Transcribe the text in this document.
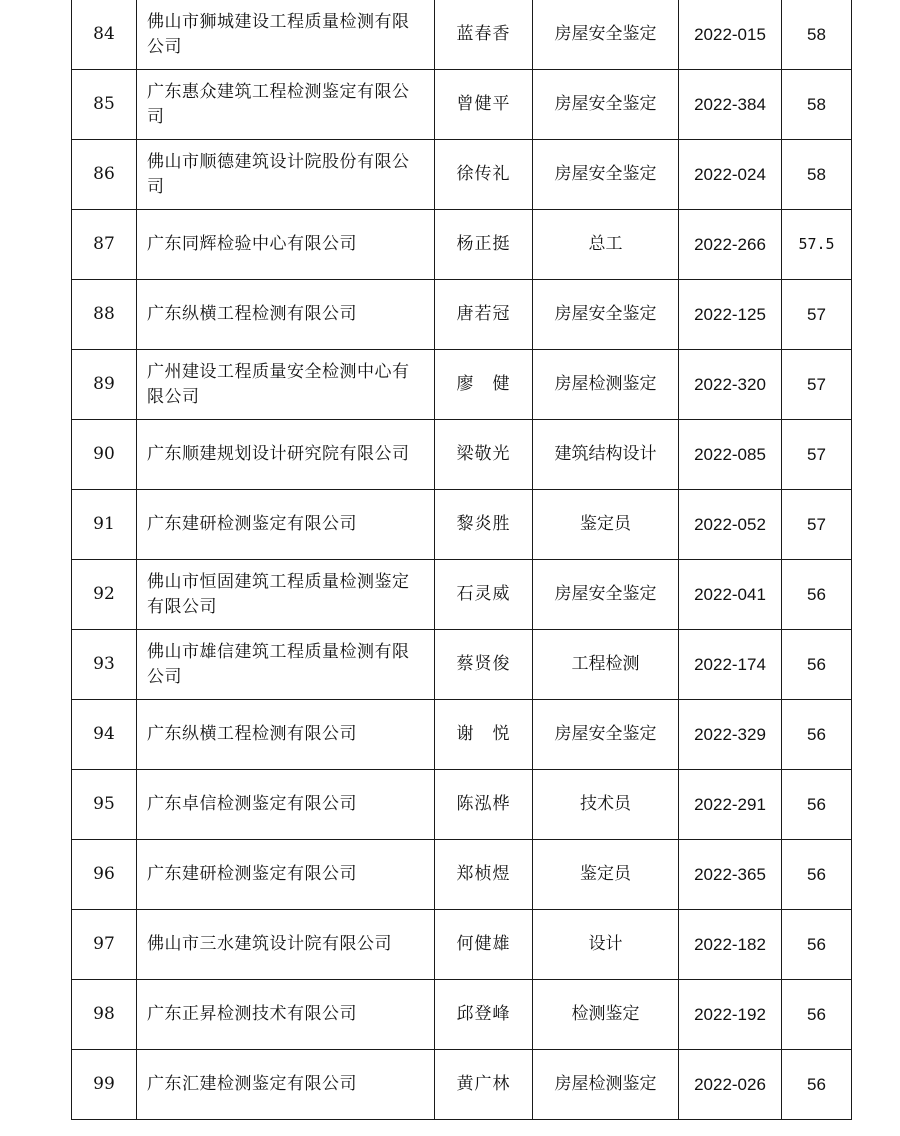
84	佛山市狮城建设工程质量检测有限公司	蓝春香	房屋安全鉴定	2022-015	58
85	广东惠众建筑工程检测鉴定有限公司	曾健平	房屋安全鉴定	2022-384	58
86	佛山市顺德建筑设计院股份有限公司	徐传礼	房屋安全鉴定	2022-024	58
87	广东同辉检验中心有限公司	杨正挺	总工	2022-266	57.5
88	广东纵横工程检测有限公司	唐若冠	房屋安全鉴定	2022-125	57
89	广州建设工程质量安全检测中心有限公司	廖　健	房屋检测鉴定	2022-320	57
90	广东顺建规划设计研究院有限公司	梁敬光	建筑结构设计	2022-085	57
91	广东建研检测鉴定有限公司	黎炎胜	鉴定员	2022-052	57
92	佛山市恒固建筑工程质量检测鉴定有限公司	石灵威	房屋安全鉴定	2022-041	56
93	佛山市雄信建筑工程质量检测有限公司	蔡贤俊	工程检测	2022-174	56
94	广东纵横工程检测有限公司	谢　悦	房屋安全鉴定	2022-329	56
95	广东卓信检测鉴定有限公司	陈泓桦	技术员	2022-291	56
96	广东建研检测鉴定有限公司	郑桢煜	鉴定员	2022-365	56
97	佛山市三水建筑设计院有限公司	何健雄	设计	2022-182	56
98	广东正昇检测技术有限公司	邱登峰	检测鉴定	2022-192	56
99	广东汇建检测鉴定有限公司	黄广林	房屋检测鉴定	2022-026	56
